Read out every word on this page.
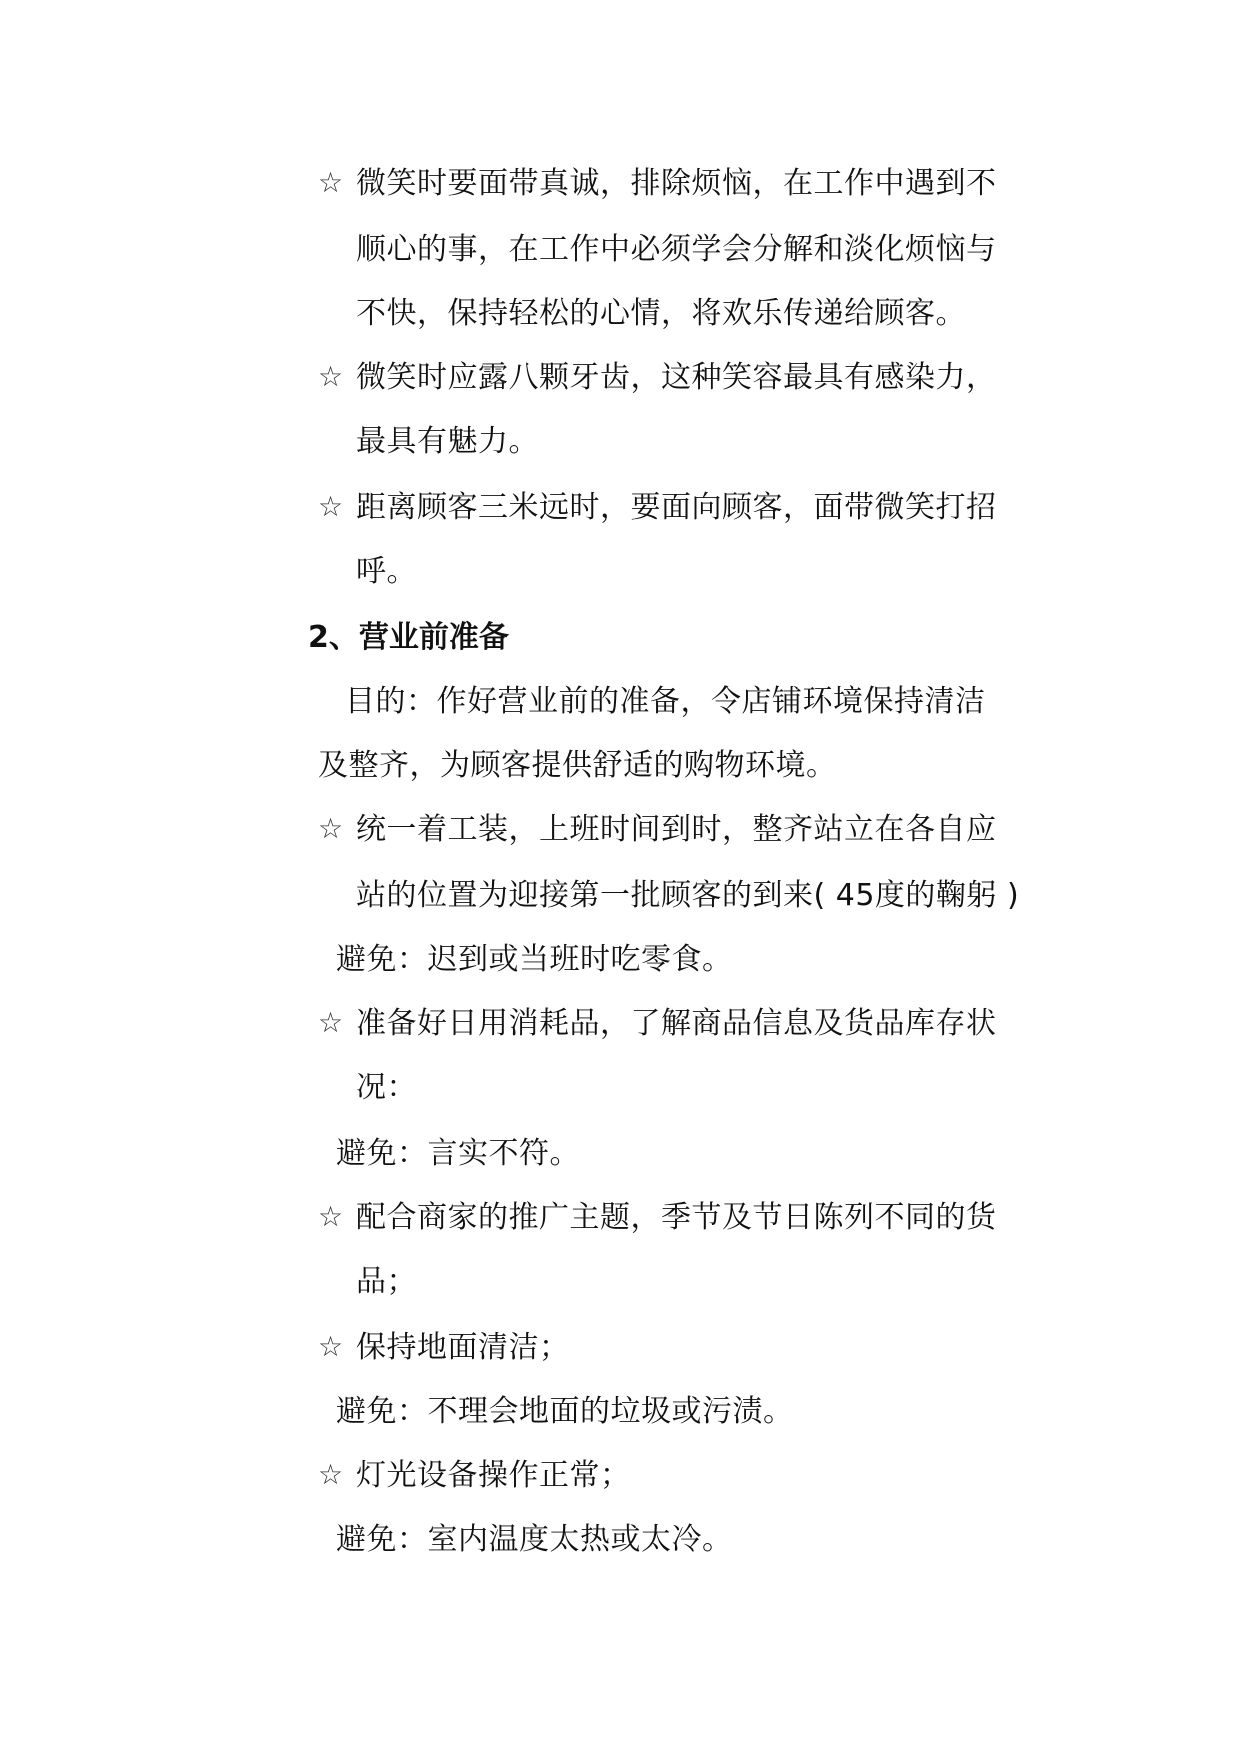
☆ 微笑时要面带真诚，排除烦恼，在工作中遇到不
顺心的事，在工作中必须学会分解和淡化烦恼与
不快，保持轻松的心情，将欢乐传递给顾客。
☆ 微笑时应露八颗牙齿，这种笑容最具有感染力，
最具有魅力。
☆ 距离顾客三米远时，要面向顾客，面带微笑打招
呼。
2、营业前准备
目的：作好营业前的准备，令店铺环境保持清洁
及整齐，为顾客提供舒适的购物环境。
☆ 统一着工装，上班时间到时，整齐站立在各自应
站的位置为迎接第一批顾客的到来( 45度的鞠躬 )
避免：迟到或当班时吃零食。
☆ 准备好日用消耗品，了解商品信息及货品库存状
况：
避免：言实不符。
☆ 配合商家的推广主题，季节及节日陈列不同的货
品；
☆ 保持地面清洁；
避免：不理会地面的垃圾或污渍。
☆ 灯光设备操作正常；
避免：室内温度太热或太冷。
